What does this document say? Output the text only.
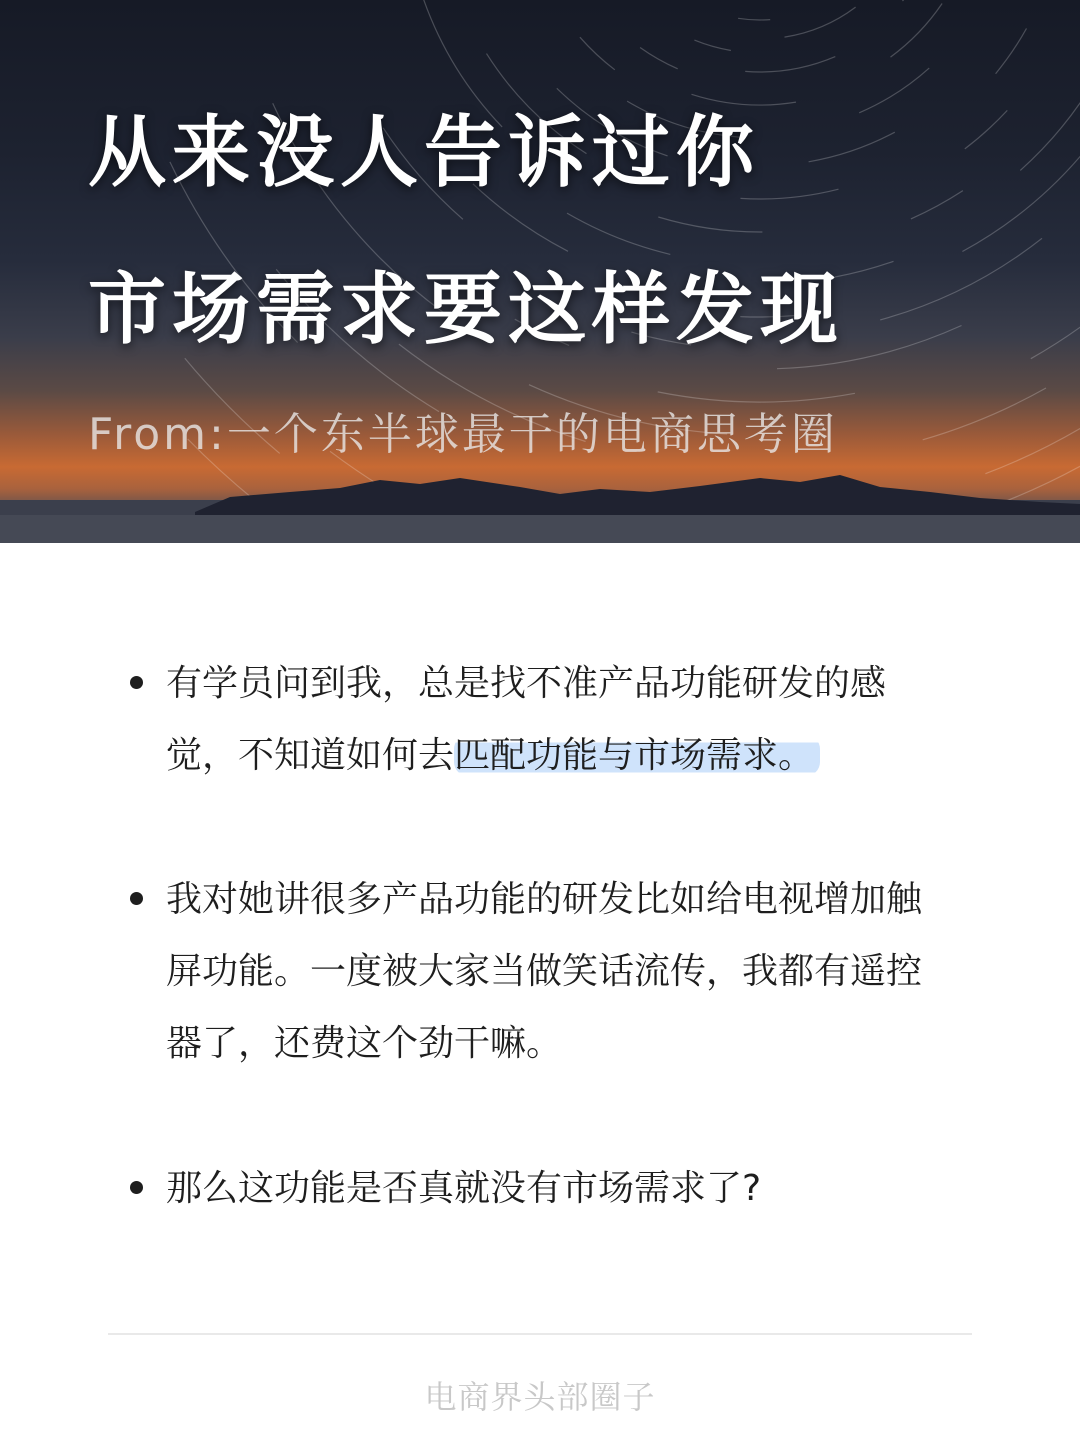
从来没人告诉过你
市场需求要这样发现
From:一个东半球最干的电商思考圈
有学员问到我，总是找不准产品功能研发的感
觉，不知道如何去匹配功能与市场需求。
我对她讲很多产品功能的研发比如给电视增加触
屏功能。一度被大家当做笑话流传，我都有遥控
器了，还费这个劲干嘛。
那么这功能是否真就没有市场需求了?
电商界头部圈子
